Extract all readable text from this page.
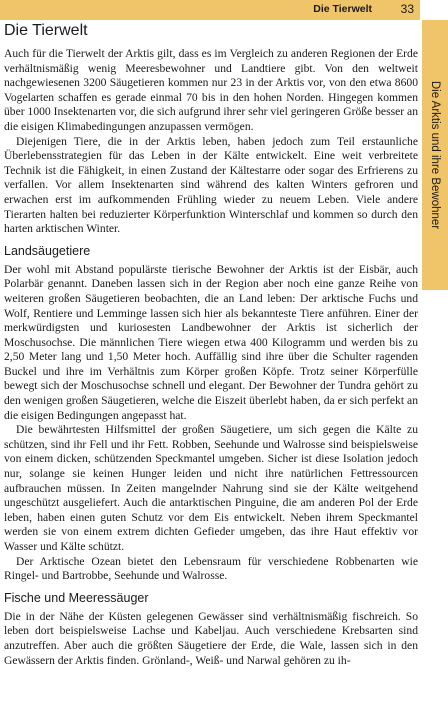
Die Tierwelt 33
Die Arktis und ihre Bewohner
Die Tierwelt

Auch für die Tierwelt der Arktis gilt, dass es im Vergleich zu anderen Regionen der Erde verhältnismäßig wenig Meeresbewohner und Landtiere gibt. Von den weltweit nachgewiesenen 3200 Säugetieren kommen nur 23 in der Arktis vor, von den etwa 8600 Vogelarten schaffen es gerade einmal 70 bis in den hohen Norden. Hingegen kommen über 1000 Insektenarten vor, die sich aufgrund ihrer sehr viel geringeren Größe besser an die eisigen Klimabedingungen anzupassen vermögen.

Diejenigen Tiere, die in der Arktis leben, haben jedoch zum Teil erstaunliche Überlebensstrategien für das Leben in der Kälte entwickelt. Eine weit verbreitete Technik ist die Fähigkeit, in einen Zustand der Kältestarre oder sogar des Erfrierens zu verfallen. Vor allem Insektenarten sind während des kalten Winters gefroren und erwachen erst im aufkommenden Frühling wieder zu neuem Leben. Viele andere Tierarten halten bei reduzierter Körperfunktion Winterschlaf und kommen so durch den harten arktischen Winter.

Landsäugetiere

Der wohl mit Abstand populärste tierische Bewohner der Arktis ist der Eisbär, auch Polarbär genannt. Daneben lassen sich in der Region aber noch eine ganze Reihe von weiteren großen Säugetieren beobachten, die an Land leben: Der arktische Fuchs und Wolf, Rentiere und Lemminge lassen sich hier als bekannteste Tiere anführen. Einer der merkwürdigsten und kuriosesten Landbewohner der Arktis ist sicherlich der Moschusochse. Die männlichen Tiere wiegen etwa 400 Kilogramm und werden bis zu 2,50 Meter lang und 1,50 Meter hoch. Auffällig sind ihre über die Schulter ragenden Buckel und ihre im Verhältnis zum Körper großen Köpfe. Trotz seiner Körperfülle bewegt sich der Moschusochse schnell und elegant. Der Bewohner der Tundra gehört zu den wenigen großen Säugetieren, welche die Eiszeit überlebt haben, da er sich perfekt an die eisigen Bedingungen angepasst hat.

Die bewährtesten Hilfsmittel der großen Säugetiere, um sich gegen die Kälte zu schützen, sind ihr Fell und ihr Fett. Robben, Seehunde und Walrosse sind beispielsweise von einem dicken, schützenden Speckmantel umgeben. Sicher ist diese Isolation jedoch nur, solange sie keinen Hunger leiden und nicht ihre natürlichen Fettressourcen aufbrauchen müssen. In Zeiten mangelnder Nahrung sind sie der Kälte weitgehend ungeschützt ausgeliefert. Auch die antarktischen Pinguine, die am anderen Pol der Erde leben, haben einen guten Schutz vor dem Eis entwickelt. Neben ihrem Speckmantel werden sie von einem extrem dichten Gefieder umgeben, das ihre Haut effektiv vor Wasser und Kälte schützt.

Der Arktische Ozean bietet den Lebensraum für verschiedene Robbenarten wie Ringel- und Bartrobbe, Seehunde und Walrosse.

Fische und Meeressäuger

Die in der Nähe der Küsten gelegenen Gewässer sind verhältnismäßig fischreich. So leben dort beispielsweise Lachse und Kabeljau. Auch verschiedene Krebsarten sind anzutreffen. Aber auch die größten Säugetiere der Erde, die Wale, lassen sich in den Gewässern der Arktis finden. Grönland-, Weiß- und Narwal gehören zu ih-
